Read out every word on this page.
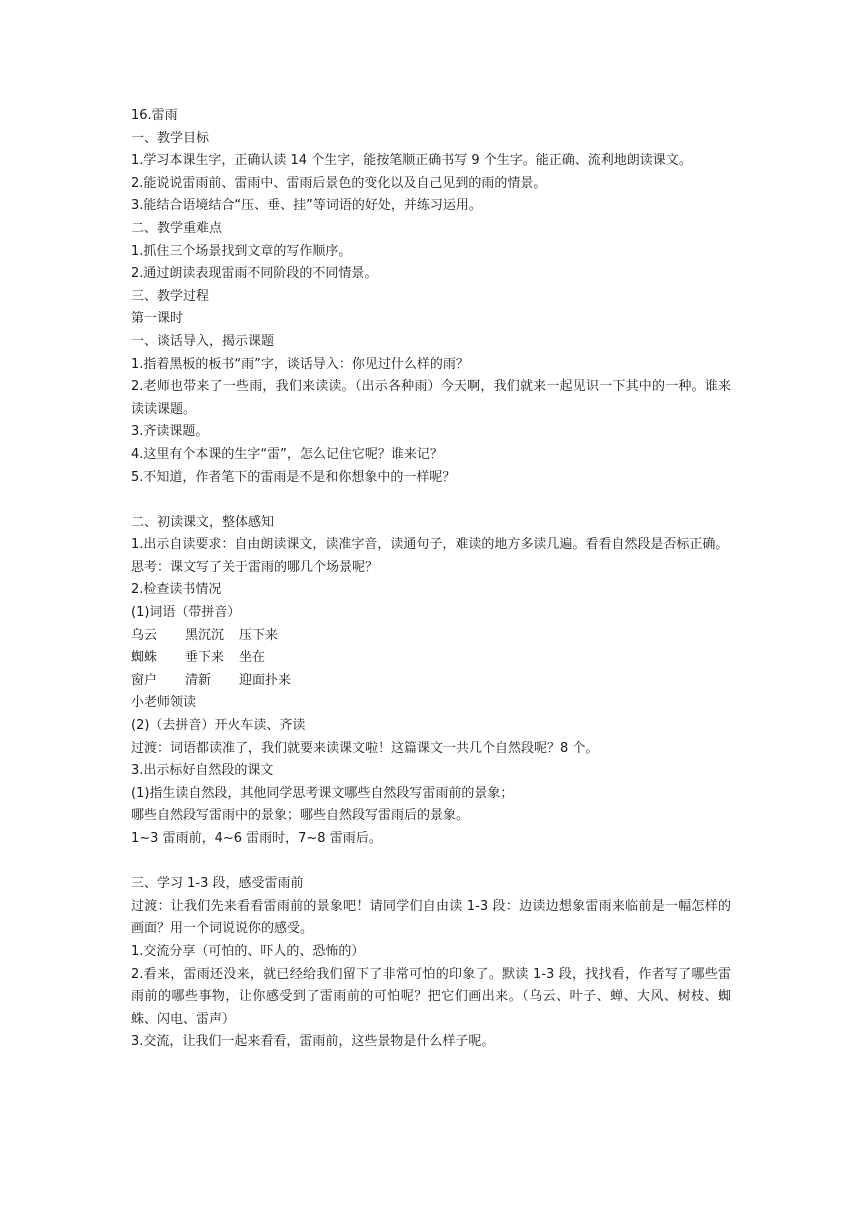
16.雷雨

一、教学目标

1.学习本课生字，正确认读 14 个生字，能按笔顺正确书写 9 个生字。能正确、流利地朗读课文。

2.能说说雷雨前、雷雨中、雷雨后景色的变化以及自己见到的雨的情景。

3.能结合语境结合“压、垂、挂”等词语的好处，并练习运用。

二、教学重难点

1.抓住三个场景找到文章的写作顺序。

2.通过朗读表现雷雨不同阶段的不同情景。

三、教学过程

第一课时

一、谈话导入，揭示课题

1.指着黑板的板书“雨”字，谈话导入：你见过什么样的雨？

2.老师也带来了一些雨，我们来读读。（出示各种雨）今天啊，我们就来一起见识一下其中的一种。谁来读读课题。

3.齐读课题。

4.这里有个本课的生字“雷”，怎么记住它呢？谁来记？

5.不知道，作者笔下的雷雨是不是和你想象中的一样呢？

二、初读课文，整体感知

1.出示自读要求：自由朗读课文，读准字音，读通句子，难读的地方多读几遍。看看自然段是否标正确。

思考：课文写了关于雷雨的哪几个场景呢？

2.检查读书情况

(1)词语（带拼音）

乌云	黑沉沉	压下来
蜘蛛	垂下来	坐在
窗户	清新	迎面扑来

小老师领读

(2)（去拼音）开火车读、齐读

过渡：词语都读准了，我们就要来读课文啦！这篇课文一共几个自然段呢？8 个。

3.出示标好自然段的课文

(1)指生读自然段，其他同学思考课文哪些自然段写雷雨前的景象；

哪些自然段写雷雨中的景象；哪些自然段写雷雨后的景象。

1~3 雷雨前，4~6 雷雨时，7~8 雷雨后。

三、学习 1-3 段，感受雷雨前

过渡：让我们先来看看雷雨前的景象吧！请同学们自由读 1-3 段：边读边想象雷雨来临前是一幅怎样的画面？用一个词说说你的感受。

1.交流分享（可怕的、吓人的、恐怖的）

2.看来，雷雨还没来，就已经给我们留下了非常可怕的印象了。默读 1-3 段，找找看，作者写了哪些雷雨前的哪些事物，让你感受到了雷雨前的可怕呢？把它们画出来。（乌云、叶子、蝉、大风、树枝、蜘蛛、闪电、雷声）

3.交流，让我们一起来看看，雷雨前，这些景物是什么样子呢。
